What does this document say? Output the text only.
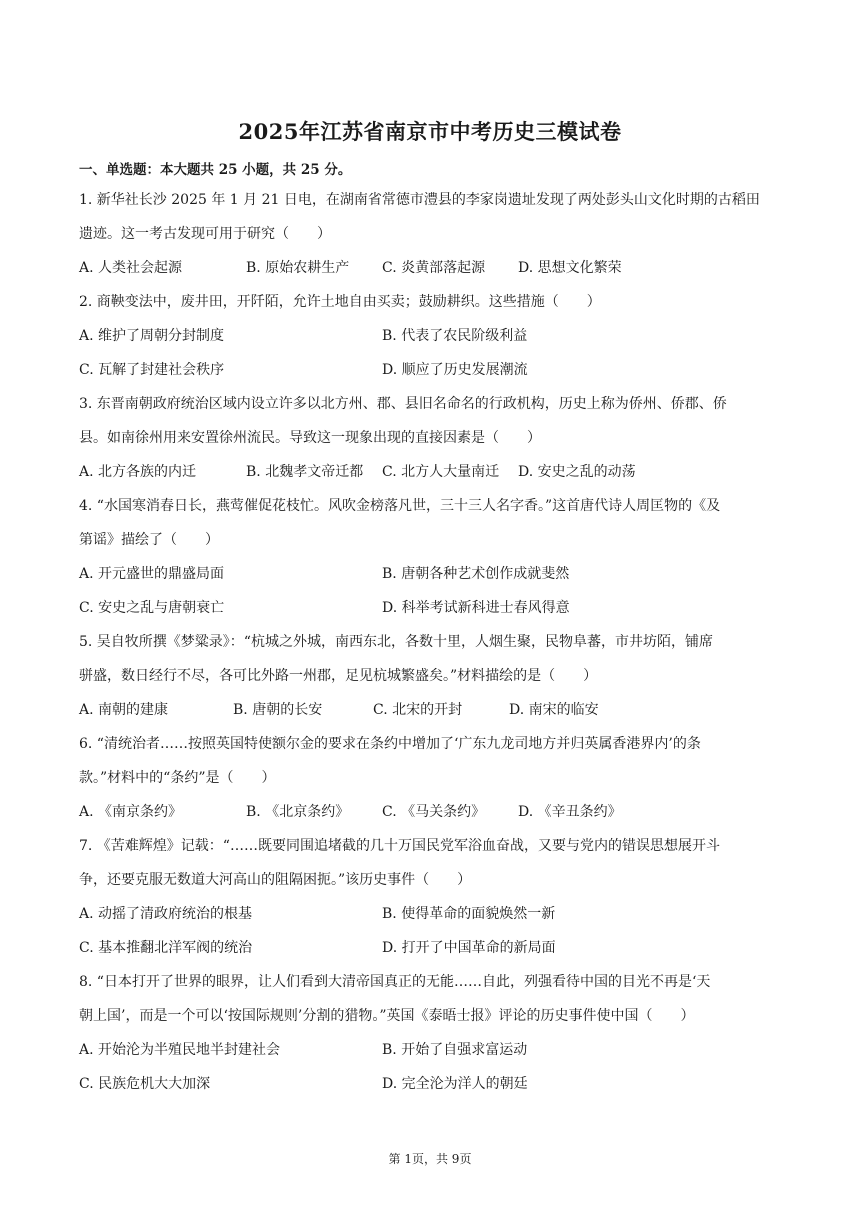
2025年江苏省南京市中考历史三模试卷
一、单选题：本大题共 25 小题，共 25 分。
1. 新华社长沙 2025 年 1 月 21 日电，在湖南省常德市澧县的李家岗遗址发现了两处彭头山文化时期的古稻田
遗迹。这一考古发现可用于研究（　　）
A. 人类社会起源	B. 原始农耕生产 C. 炎黄部落起源 D. 思想文化繁荣
2. 商鞅变法中，废井田，开阡陌，允许土地自由买卖；鼓励耕织。这些措施（　　）
A. 维护了周朝分封制度	B. 代表了农民阶级利益
C. 瓦解了封建社会秩序	D. 顺应了历史发展潮流
3. 东晋南朝政府统治区域内设立许多以北方州、郡、县旧名命名的行政机构，历史上称为侨州、侨郡、侨
县。如南徐州用来安置徐州流民。导致这一现象出现的直接因素是（　　）
A. 北方各族的内迁	B. 北魏孝文帝迁都 C. 北方人大量南迁 D. 安史之乱的动荡
4. “水国寒消春日长，燕莺催促花枝忙。风吹金榜落凡世，三十三人名字香。”这首唐代诗人周匡物的《及
第谣》描绘了（　　）
A. 开元盛世的鼎盛局面	B. 唐朝各种艺术创作成就斐然
C. 安史之乱与唐朝衰亡	D. 科举考试新科进士春风得意
5. 吴自牧所撰《梦粱录》：“杭城之外城，南西东北，各数十里，人烟生聚，民物阜蕃，市井坊陌，铺席
骈盛，数日经行不尽，各可比外路一州郡，足见杭城繁盛矣。”材料描绘的是（　　）
A. 南朝的建康	B. 唐朝的长安	C. 北宋的开封	D. 南宋的临安
6. “清统治者……按照英国特使额尔金的要求在条约中增加了‘广东九龙司地方并归英属香港界内’的条
款。”材料中的“条约”是（　　）
A. 《南京条约》	B. 《北京条约》 C. 《马关条约》 D. 《辛丑条约》
7. 《苦难辉煌》记载：“……既要同围追堵截的几十万国民党军浴血奋战，又要与党内的错误思想展开斗
争，还要克服无数道大河高山的阻隔困扼。”该历史事件（　　）
A. 动摇了清政府统治的根基	B. 使得革命的面貌焕然一新
C. 基本推翻北洋军阀的统治	D. 打开了中国革命的新局面
8. “日本打开了世界的眼界，让人们看到大清帝国真正的无能……自此，列强看待中国的目光不再是‘天
朝上国’，而是一个可以‘按国际规则’分割的猎物。”英国《泰晤士报》评论的历史事件使中国（　　）
A. 开始沦为半殖民地半封建社会	B. 开始了自强求富运动
C. 民族危机大大加深	D. 完全沦为洋人的朝廷
第 1页，共 9页
